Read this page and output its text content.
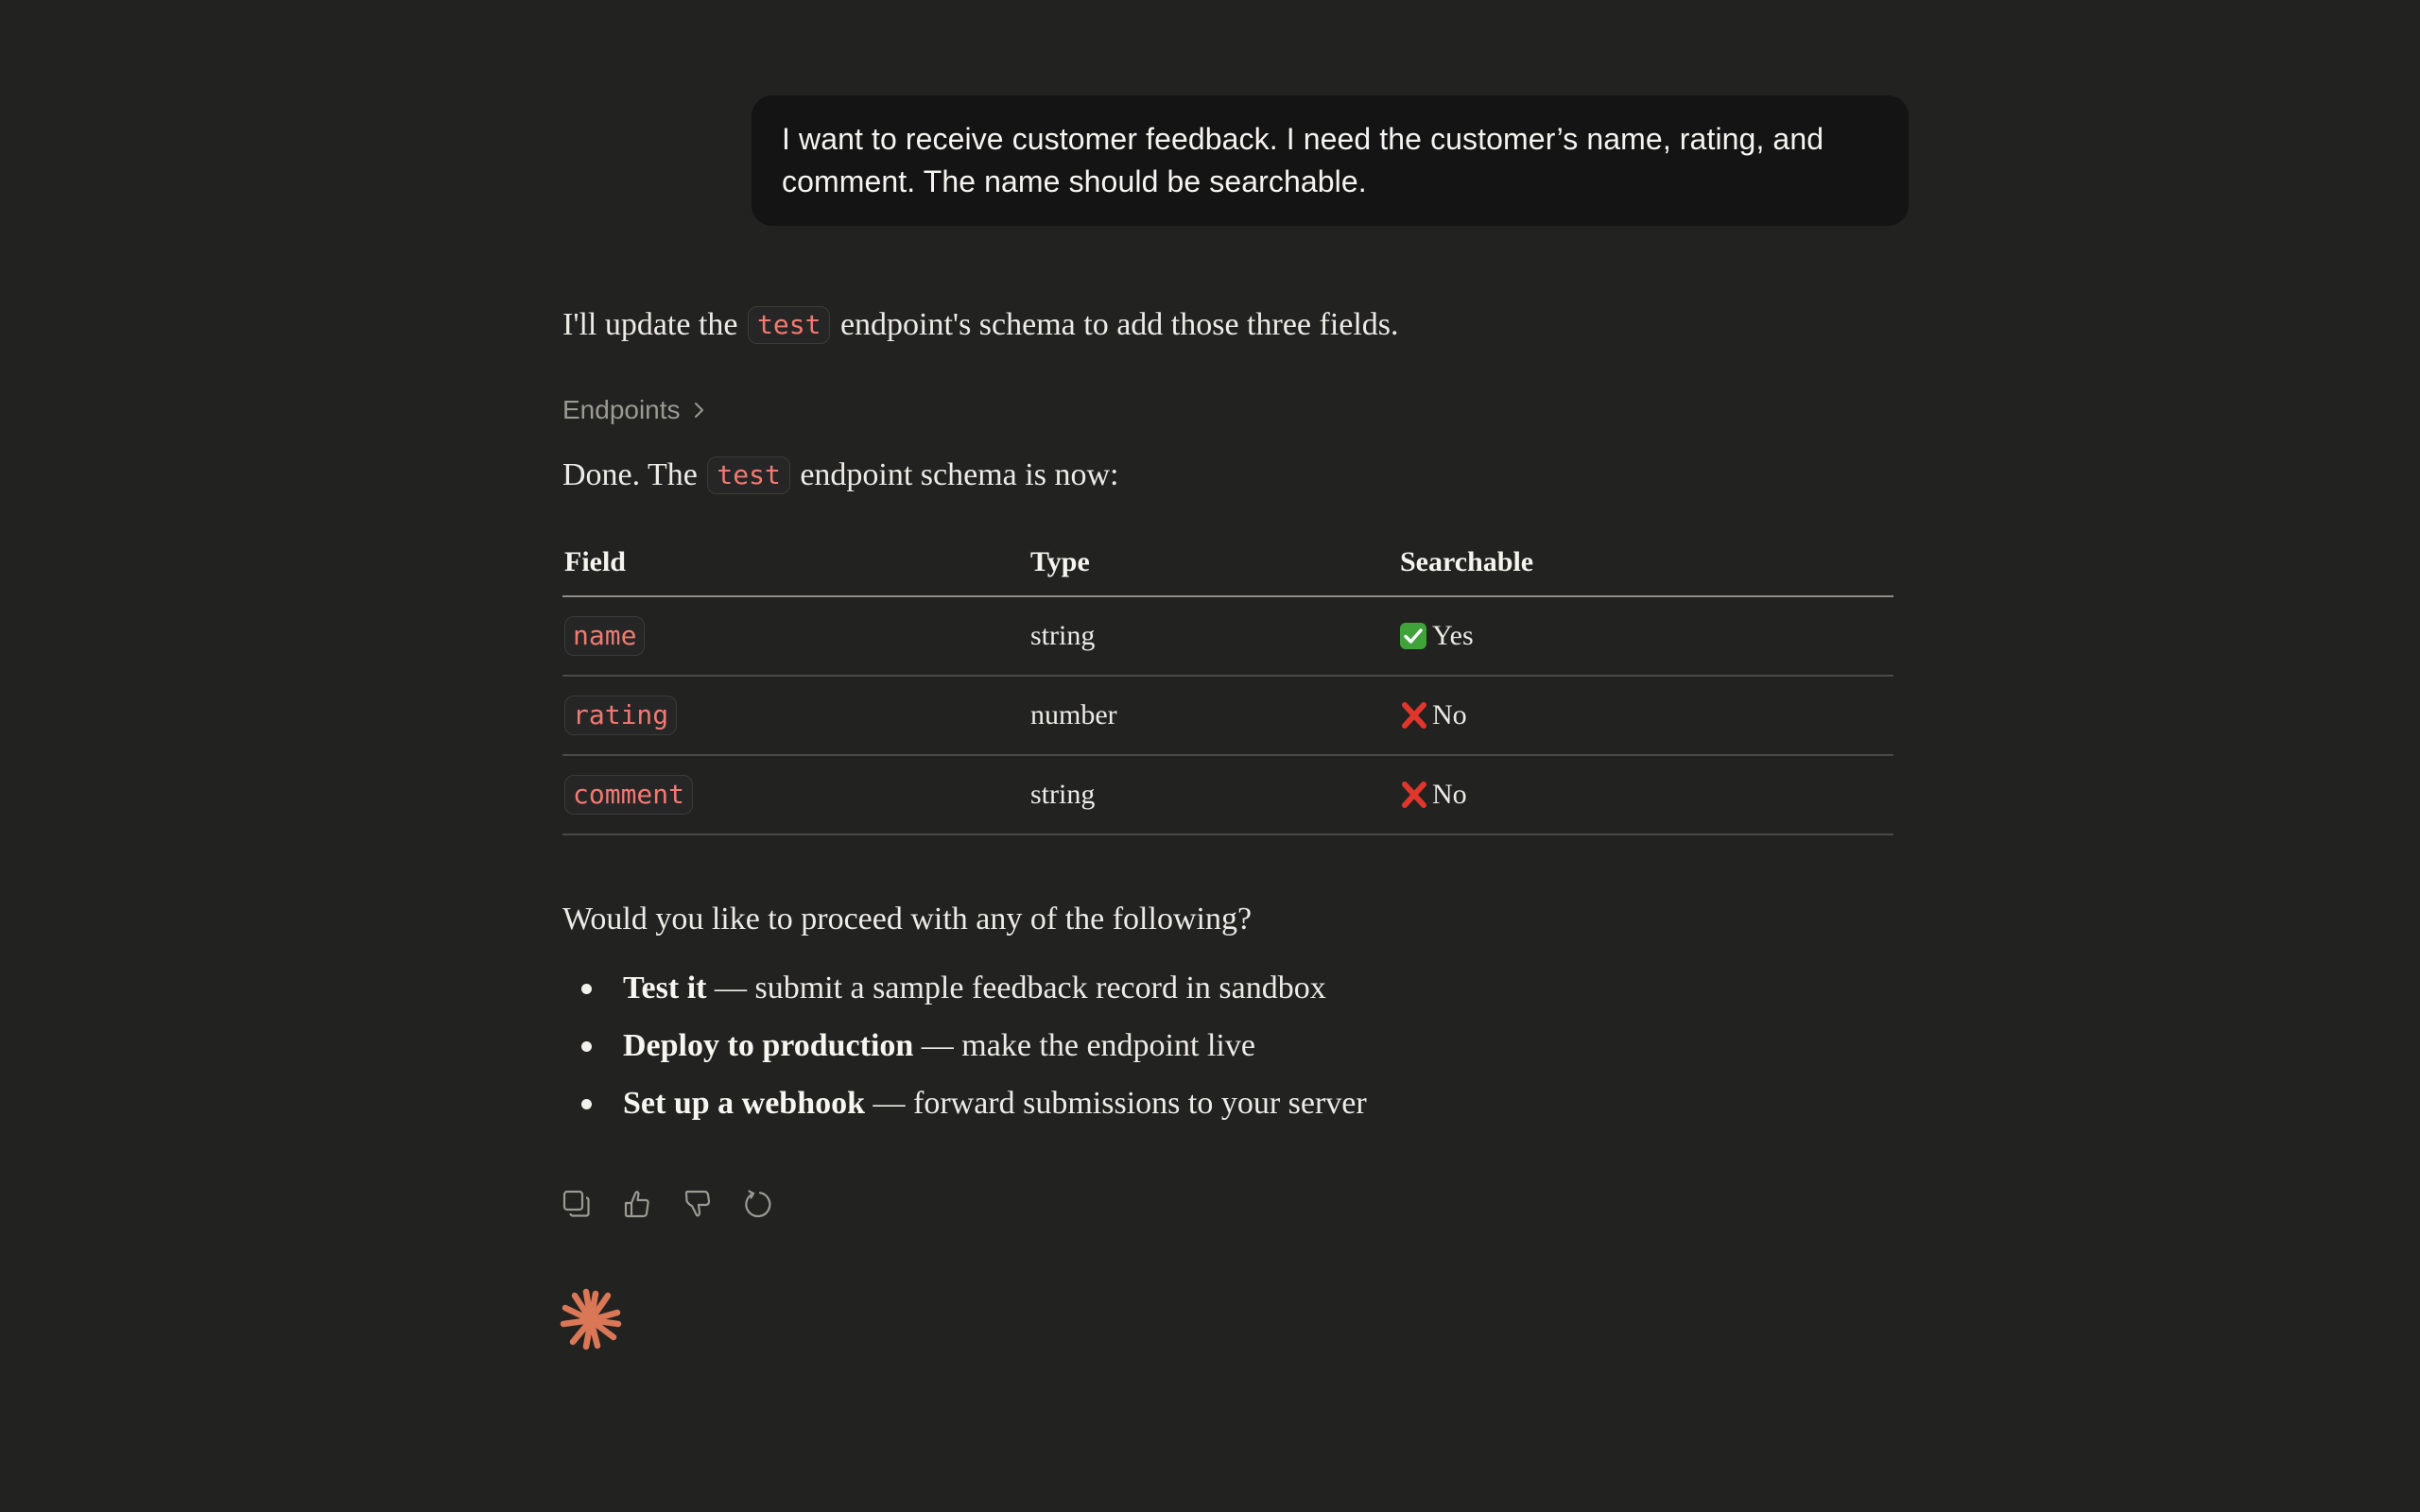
I want to receive customer feedback. I need the customer’s name, rating, and comment. The name should be searchable.
I'll update the test endpoint's schema to add those three fields.
Endpoints
Done. The test endpoint schema is now:
Field	Type	Searchable
name	string	Yes
rating	number	No
comment	string	No
Would you like to proceed with any of the following?
Test it — submit a sample feedback record in sandbox
Deploy to production — make the endpoint live
Set up a webhook — forward submissions to your server
